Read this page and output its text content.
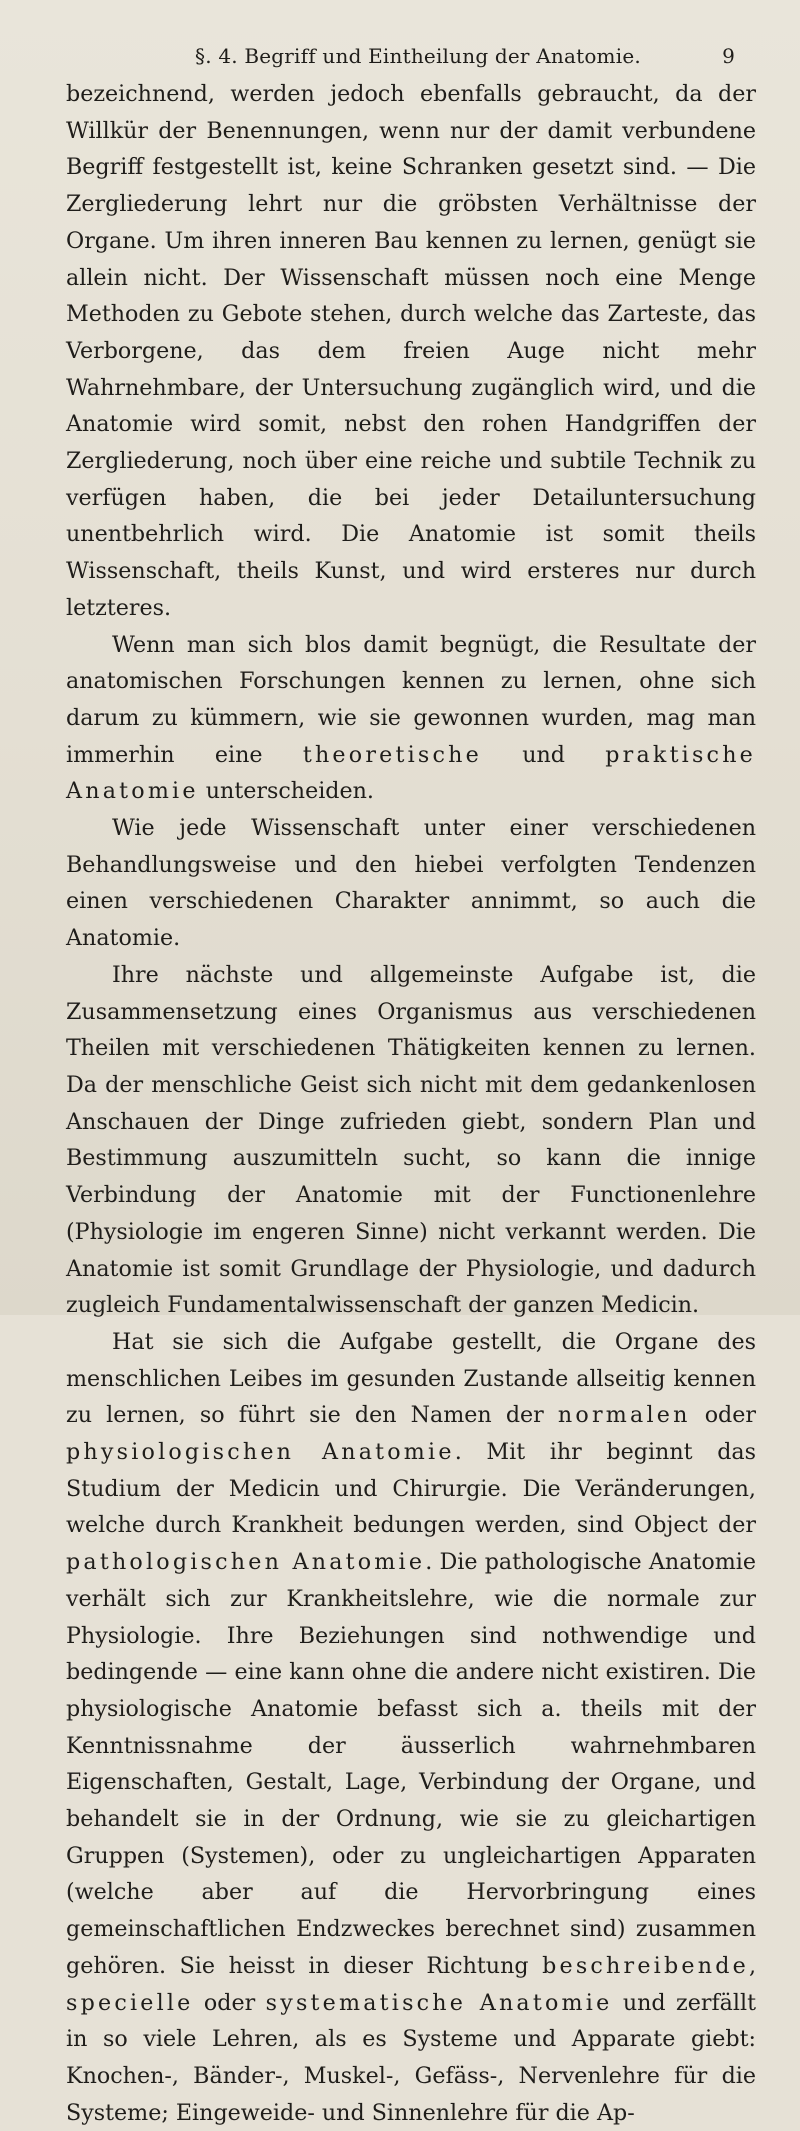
§. 4. Begriff und Eintheilung der Anatomie.	9

bezeichnend, werden jedoch ebenfalls gebraucht, da der Willkür der Benennungen, wenn nur der damit verbundene Begriff festgestellt ist, keine Schranken gesetzt sind. — Die Zergliederung lehrt nur die gröbsten Verhältnisse der Organe. Um ihren inneren Bau kennen zu lernen, genügt sie allein nicht. Der Wissenschaft müssen noch eine Menge Methoden zu Gebote stehen, durch welche das Zarteste, das Verborgene, das dem freien Auge nicht mehr Wahrnehmbare, der Untersuchung zugänglich wird, und die Anatomie wird somit, nebst den rohen Handgriffen der Zergliederung, noch über eine reiche und subtile Technik zu verfügen haben, die bei jeder Detailuntersuchung unentbehrlich wird. Die Anatomie ist somit theils Wissenschaft, theils Kunst, und wird ersteres nur durch letzteres.

Wenn man sich blos damit begnügt, die Resultate der anatomischen Forschungen kennen zu lernen, ohne sich darum zu kümmern, wie sie gewonnen wurden, mag man immerhin eine theoretische und praktische Anatomie unterscheiden.

Wie jede Wissenschaft unter einer verschiedenen Behandlungsweise und den hiebei verfolgten Tendenzen einen verschiedenen Charakter annimmt, so auch die Anatomie.

Ihre nächste und allgemeinste Aufgabe ist, die Zusammensetzung eines Organismus aus verschiedenen Theilen mit verschiedenen Thätigkeiten kennen zu lernen. Da der menschliche Geist sich nicht mit dem gedankenlosen Anschauen der Dinge zufrieden giebt, sondern Plan und Bestimmung auszumitteln sucht, so kann die innige Verbindung der Anatomie mit der Functionenlehre (Physiologie im engeren Sinne) nicht verkannt werden. Die Anatomie ist somit Grundlage der Physiologie, und dadurch zugleich Fundamentalwissenschaft der ganzen Medicin.

Hat sie sich die Aufgabe gestellt, die Organe des menschlichen Leibes im gesunden Zustande allseitig kennen zu lernen, so führt sie den Namen der normalen oder physiologischen Anatomie. Mit ihr beginnt das Studium der Medicin und Chirurgie. Die Veränderungen, welche durch Krankheit bedungen werden, sind Object der pathologischen Anatomie. Die pathologische Anatomie verhält sich zur Krankheitslehre, wie die normale zur Physiologie. Ihre Beziehungen sind nothwendige und bedingende — eine kann ohne die andere nicht existiren. Die physiologische Anatomie befasst sich a. theils mit der Kenntnissnahme der äusserlich wahrnehmbaren Eigenschaften, Gestalt, Lage, Verbindung der Organe, und behandelt sie in der Ordnung, wie sie zu gleichartigen Gruppen (Systemen), oder zu ungleichartigen Apparaten (welche aber auf die Hervorbringung eines gemeinschaftlichen Endzweckes berechnet sind) zusammen gehören. Sie heisst in dieser Richtung beschreibende, specielle oder systematische Anatomie und zerfällt in so viele Lehren, als es Systeme und Apparate giebt: Knochen-, Bänder-, Muskel-, Gefäss-, Nervenlehre für die Systeme; Eingeweide- und Sinnenlehre für die Ap-
